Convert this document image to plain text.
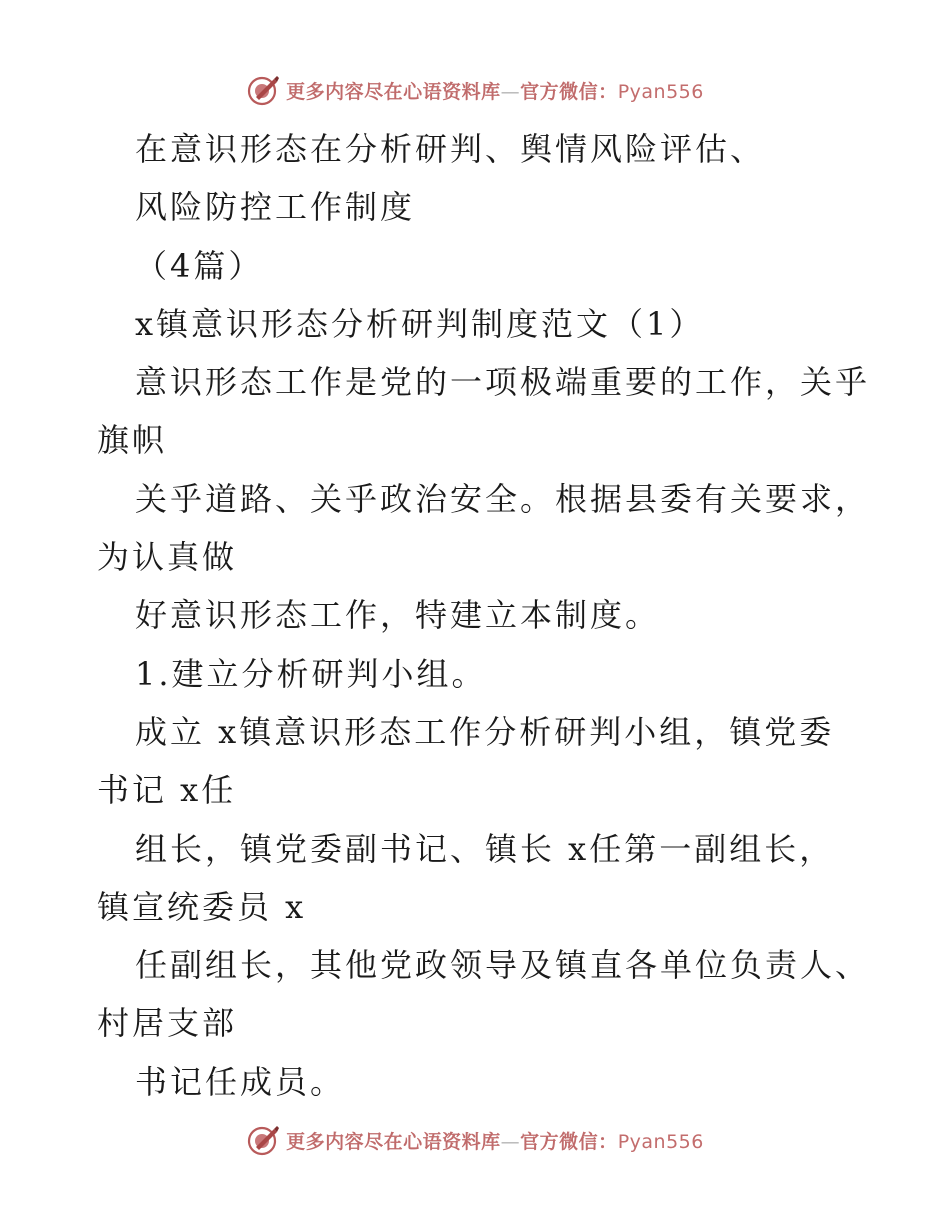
更多内容尽在心语资料库—官方微信：Pyan556
在意识形态在分析研判、舆情风险评估、
风险防控工作制度
（4篇）
x镇意识形态分析研判制度范文（1）
意识形态工作是党的一项极端重要的工作，关乎
旗帜
关乎道路、关乎政治安全。根据县委有关要求，
为认真做
好意识形态工作，特建立本制度。
1.建立分析研判小组。
成立 x镇意识形态工作分析研判小组，镇党委
书记 x任
组长，镇党委副书记、镇长 x任第一副组长，
镇宣统委员 x
任副组长，其他党政领导及镇直各单位负责人、
村居支部
书记任成员。
更多内容尽在心语资料库—官方微信：Pyan556
